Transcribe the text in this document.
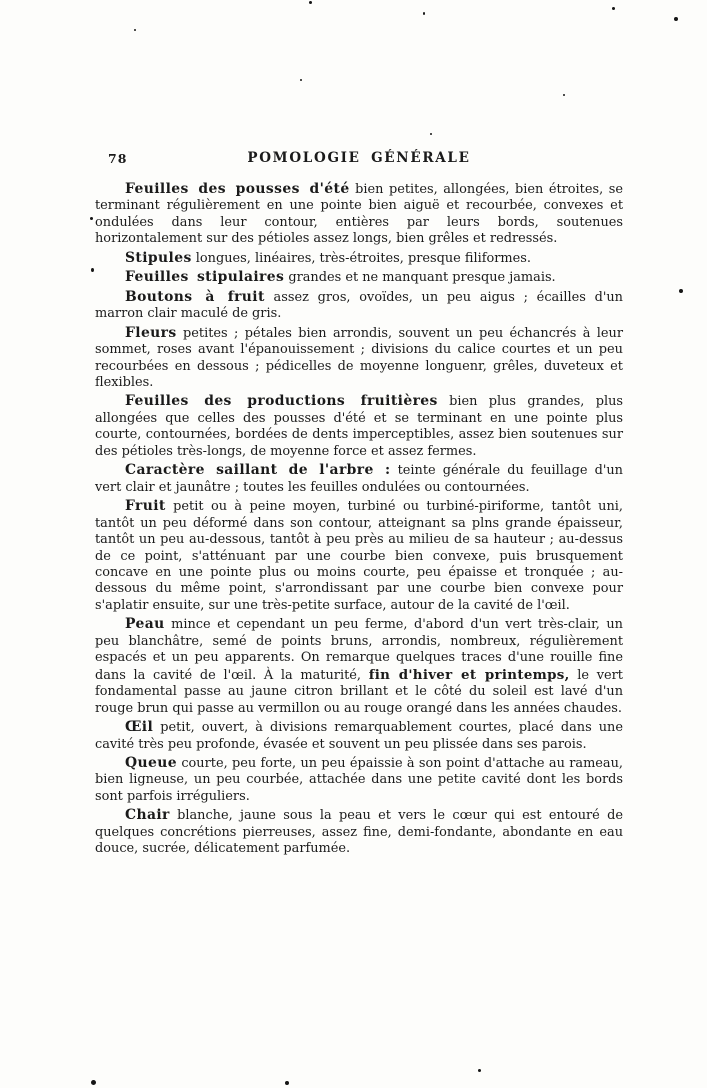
78	POMOLOGIE GÉNÉRALE

Feuilles des pousses d'été bien petites, allongées, bien étroites, se terminant régulièrement en une pointe bien aiguë et recourbée, convexes et ondulées dans leur contour, entières par leurs bords, soutenues horizontalement sur des pétioles assez longs, bien grêles et redressés.

Stipules longues, linéaires, très-étroites, presque filiformes.

Feuilles stipulaires grandes et ne manquant presque jamais.

Boutons à fruit assez gros, ovoïdes, un peu aigus ; écailles d'un marron clair maculé de gris.

Fleurs petites ; pétales bien arrondis, souvent un peu échancrés à leur sommet, roses avant l'épanouissement ; divisions du calice courtes et un peu recourbées en dessous ; pédicelles de moyenne longuenr, grêles, duveteux et flexibles.

Feuilles des productions fruitières bien plus grandes, plus allongées que celles des pousses d'été et se terminant en une pointe plus courte, contournées, bordées de dents imperceptibles, assez bien soutenues sur des pétioles très-longs, de moyenne force et assez fermes.

Caractère saillant de l'arbre : teinte générale du feuillage d'un vert clair et jaunâtre ; toutes les feuilles ondulées ou contournées.

Fruit petit ou à peine moyen, turbiné ou turbiné-piriforme, tantôt uni, tantôt un peu déformé dans son contour, atteignant sa plns grande épaisseur, tantôt un peu au-dessous, tantôt à peu près au milieu de sa hauteur ; au-dessus de ce point, s'atténuant par une courbe bien convexe, puis brusquement concave en une pointe plus ou moins courte, peu épaisse et tronquée ; au-dessous du même point, s'arrondissant par une courbe bien convexe pour s'aplatir ensuite, sur une très-petite surface, autour de la cavité de l'œil.

Peau mince et cependant un peu ferme, d'abord d'un vert très-clair, un peu blanchâtre, semé de points bruns, arrondis, nombreux, régulièrement espacés et un peu apparents. On remarque quelques traces d'une rouille fine dans la cavité de l'œil. À la maturité, fin d'hiver et printemps, le vert fondamental passe au jaune citron brillant et le côté du soleil est lavé d'un rouge brun qui passe au vermillon ou au rouge orangé dans les années chaudes.

Œil petit, ouvert, à divisions remarquablement courtes, placé dans une cavité très peu profonde, évasée et souvent un peu plissée dans ses parois.

Queue courte, peu forte, un peu épaissie à son point d'attache au rameau, bien ligneuse, un peu courbée, attachée dans une petite cavité dont les bords sont parfois irréguliers.

Chair blanche, jaune sous la peau et vers le cœur qui est entouré de quelques concrétions pierreuses, assez fine, demi-fondante, abondante en eau douce, sucrée, délicatement parfumée.
